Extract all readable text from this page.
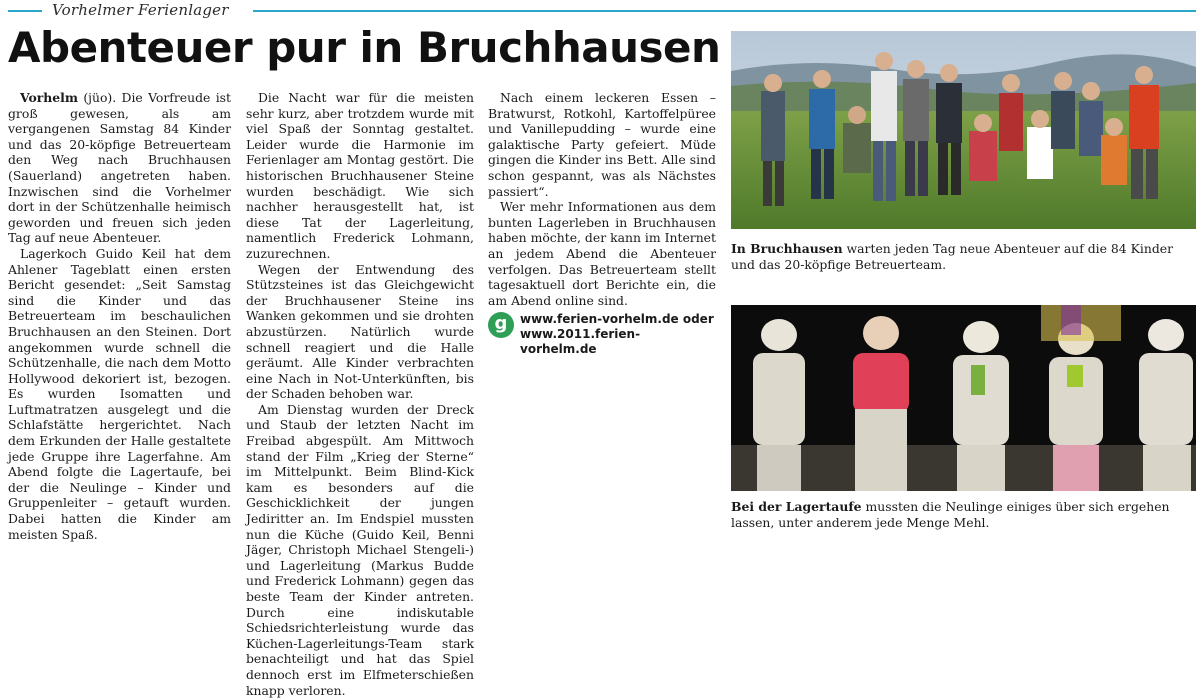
Vorhelmer Ferienlager
Abenteuer pur in Bruchhausen

Vorhelm (jüo). Die Vorfreude ist groß gewesen, als am vergangenen Samstag 84 Kinder und das 20-köpfige Betreuerteam den Weg nach Bruchhausen (Sauerland) angetreten haben. Inzwischen sind die Vorhelmer dort in der Schützenhalle heimisch geworden und freuen sich jeden Tag auf neue Abenteuer.

Lagerkoch Guido Keil hat dem Ahlener Tageblatt einen ersten Bericht gesendet: „Seit Samstag sind die Kinder und das Betreuerteam im beschaulichen Bruchhausen an den Steinen. Dort angekommen wurde schnell die Schützenhalle, die nach dem Motto Hollywood dekoriert ist, bezogen. Es wurden Isomatten und Luftmatratzen ausgelegt und die Schlafstätte hergerichtet. Nach dem Erkunden der Halle gestaltete jede Gruppe ihre Lagerfahne. Am Abend folgte die Lagertaufe, bei der die Neulinge – Kinder und Gruppenleiter – getauft wurden. Dabei hatten die Kinder am meisten Spaß.

Die Nacht war für die meisten sehr kurz, aber trotzdem wurde mit viel Spaß der Sonntag gestaltet. Leider wurde die Harmonie im Ferienlager am Montag gestört. Die historischen Bruchhausener Steine wurden beschädigt. Wie sich nachher herausgestellt hat, ist diese Tat der Lagerleitung, namentlich Frederick Lohmann, zuzurechnen.

Wegen der Entwendung des Stützsteines ist das Gleichgewicht der Bruchhausener Steine ins Wanken gekommen und sie drohten abzustürzen. Natürlich wurde schnell reagiert und die Halle geräumt. Alle Kinder verbrachten eine Nach in Not-Unterkünften, bis der Schaden behoben war.

Am Dienstag wurden der Dreck und Staub der letzten Nacht im Freibad abgespült. Am Mittwoch stand der Film „Krieg der Sterne“ im Mittelpunkt. Beim Blind-Kick kam es besonders auf die Geschicklichkeit der jungen Jediritter an. Im Endspiel mussten nun die Küche (Guido Keil, Benni Jäger, Christoph Michael Stengeli-) und Lagerleitung (Markus Budde und Frederick Lohmann) gegen das beste Team der Kinder antreten. Durch eine indiskutable Schiedsrichterleistung wurde das Küchen-Lagerleitungs-Team stark benachteiligt und hat das Spiel dennoch erst im Elfmeterschießen knapp verloren.

Nach einem leckeren Essen – Bratwurst, Rotkohl, Kartoffelpüree und Vanillepudding – wurde eine galaktische Party gefeiert. Müde gingen die Kinder ins Bett. Alle sind schon gespannt, was als Nächstes passiert“.

Wer mehr Informationen aus dem bunten Lagerleben in Bruchhausen haben möchte, der kann im Internet an jedem Abend die Abenteuer verfolgen. Das Betreuerteam stellt tagesaktuell dort Berichte ein, die am Abend online sind.

g	www.ferien-vorhelm.de oder www.2011.ferien-vorhelm.de
In Bruchhausen warten jeden Tag neue Abenteuer auf die 84 Kinder und das 20-köpfige Betreuerteam.
Bei der Lagertaufe mussten die Neulinge einiges über sich ergehen lassen, unter anderem jede Menge Mehl.
